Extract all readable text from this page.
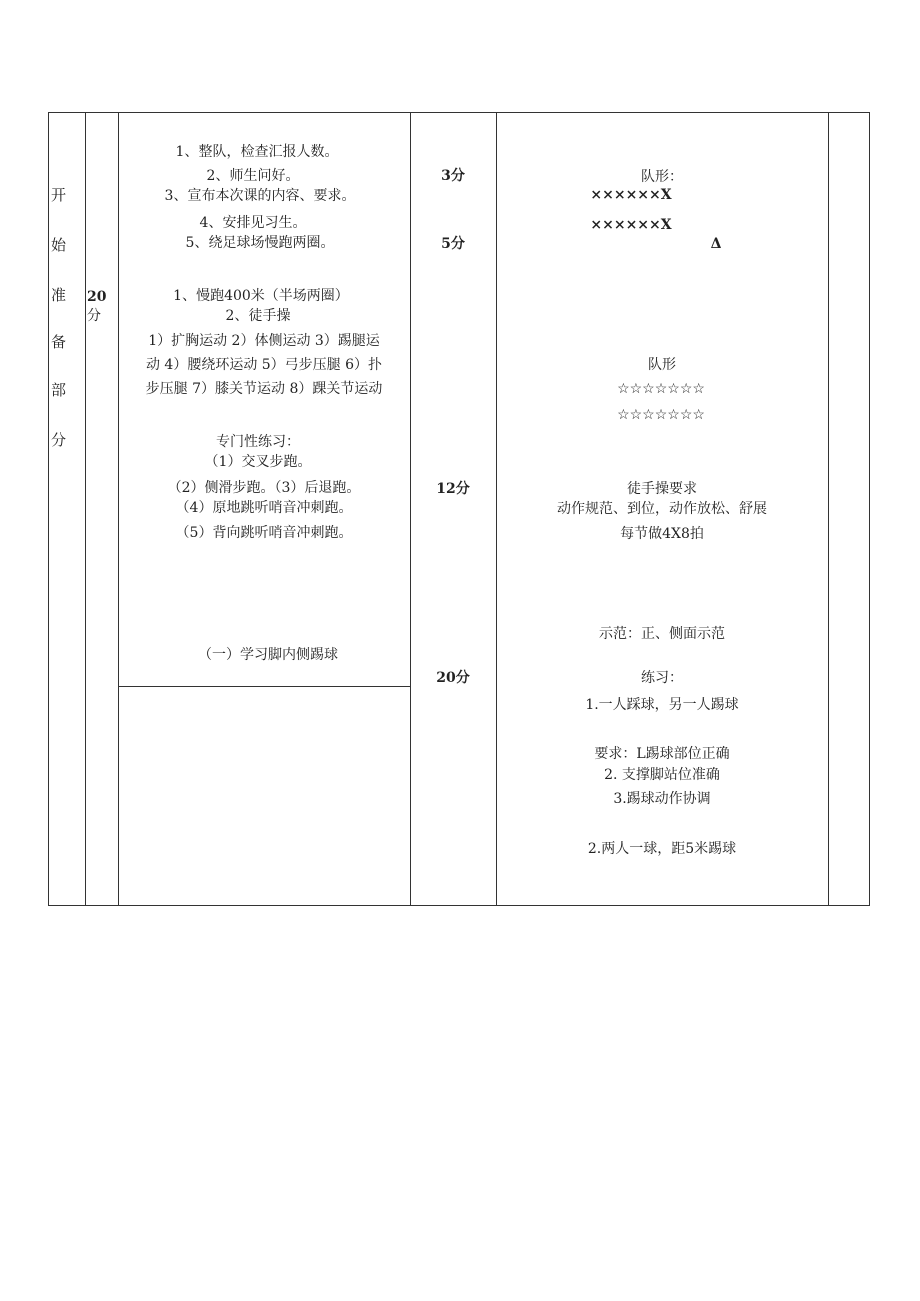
开
始
准
备
部
分
20
分
1、整队，检查汇报人数。
2、师生问好。
3、宣布本次课的内容、要求。
4、安排见习生。
5、绕足球场慢跑两圈。
1、慢跑400米（半场两圈）
2、徒手操
1）扩胸运动 2）体侧运动 3）踢腿运
动 4）腰绕环运动 5）弓步压腿 6）扑
步压腿 7）膝关节运动 8）踝关节运动
专门性练习：
（1）交叉步跑。
（2）侧滑步跑。（3）后退跑。
（4）原地跳听哨音冲刺跑。
（5）背向跳听哨音冲刺跑。
（一）学习脚内侧踢球
3分
5分
12分
20分
队形：
××××××X
××××××X
Δ
队形
☆☆☆☆☆☆☆
☆☆☆☆☆☆☆
徒手操要求
动作规范、到位，动作放松、舒展
每节做4X8拍
示范：正、侧面示范
练习：
1.一人踩球，另一人踢球
要求：L踢球部位正确
2. 支撑脚站位准确
3.踢球动作协调
2.两人一球，距5米踢球
